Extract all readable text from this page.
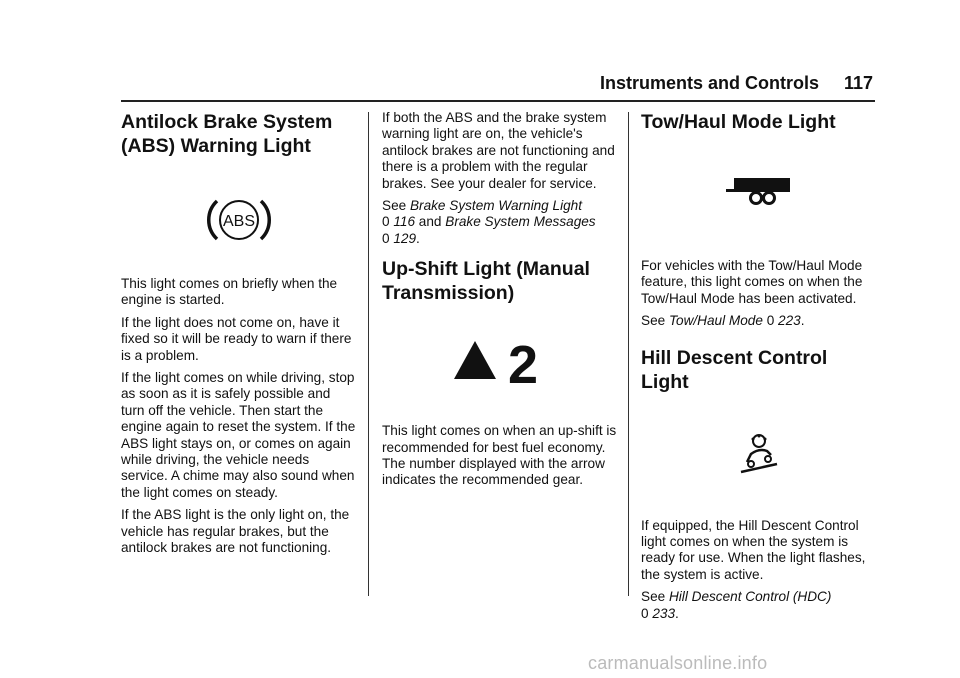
Instruments and Controls 117
Antilock Brake System (ABS) Warning Light
ABS

This light comes on briefly when the engine is started.

If the light does not come on, have it fixed so it will be ready to warn if there is a problem.

If the light comes on while driving, stop as soon as it is safely possible and turn off the vehicle. Then start the engine again to reset the system. If the ABS light stays on, or comes on again while driving, the vehicle needs service. A chime may also sound when the light comes on steady.

If the ABS light is the only light on, the vehicle has regular brakes, but the antilock brakes are not functioning.

If both the ABS and the brake system warning light are on, the vehicle's antilock brakes are not functioning and there is a problem with the regular brakes. See your dealer for service.

See Brake System Warning Light
0 116 and Brake System Messages
0 129.

Up-Shift Light (Manual Transmission)
2

This light comes on when an up-shift is recommended for best fuel economy. The number displayed with the arrow indicates the recommended gear.

Tow/Haul Mode Light

For vehicles with the Tow/Haul Mode feature, this light comes on when the Tow/Haul Mode has been activated.

See Tow/Haul Mode 0 223.

Hill Descent Control Light

If equipped, the Hill Descent Control light comes on when the system is ready for use. When the light flashes, the system is active.

See Hill Descent Control (HDC)
0 233.

carmanualsonline.info
